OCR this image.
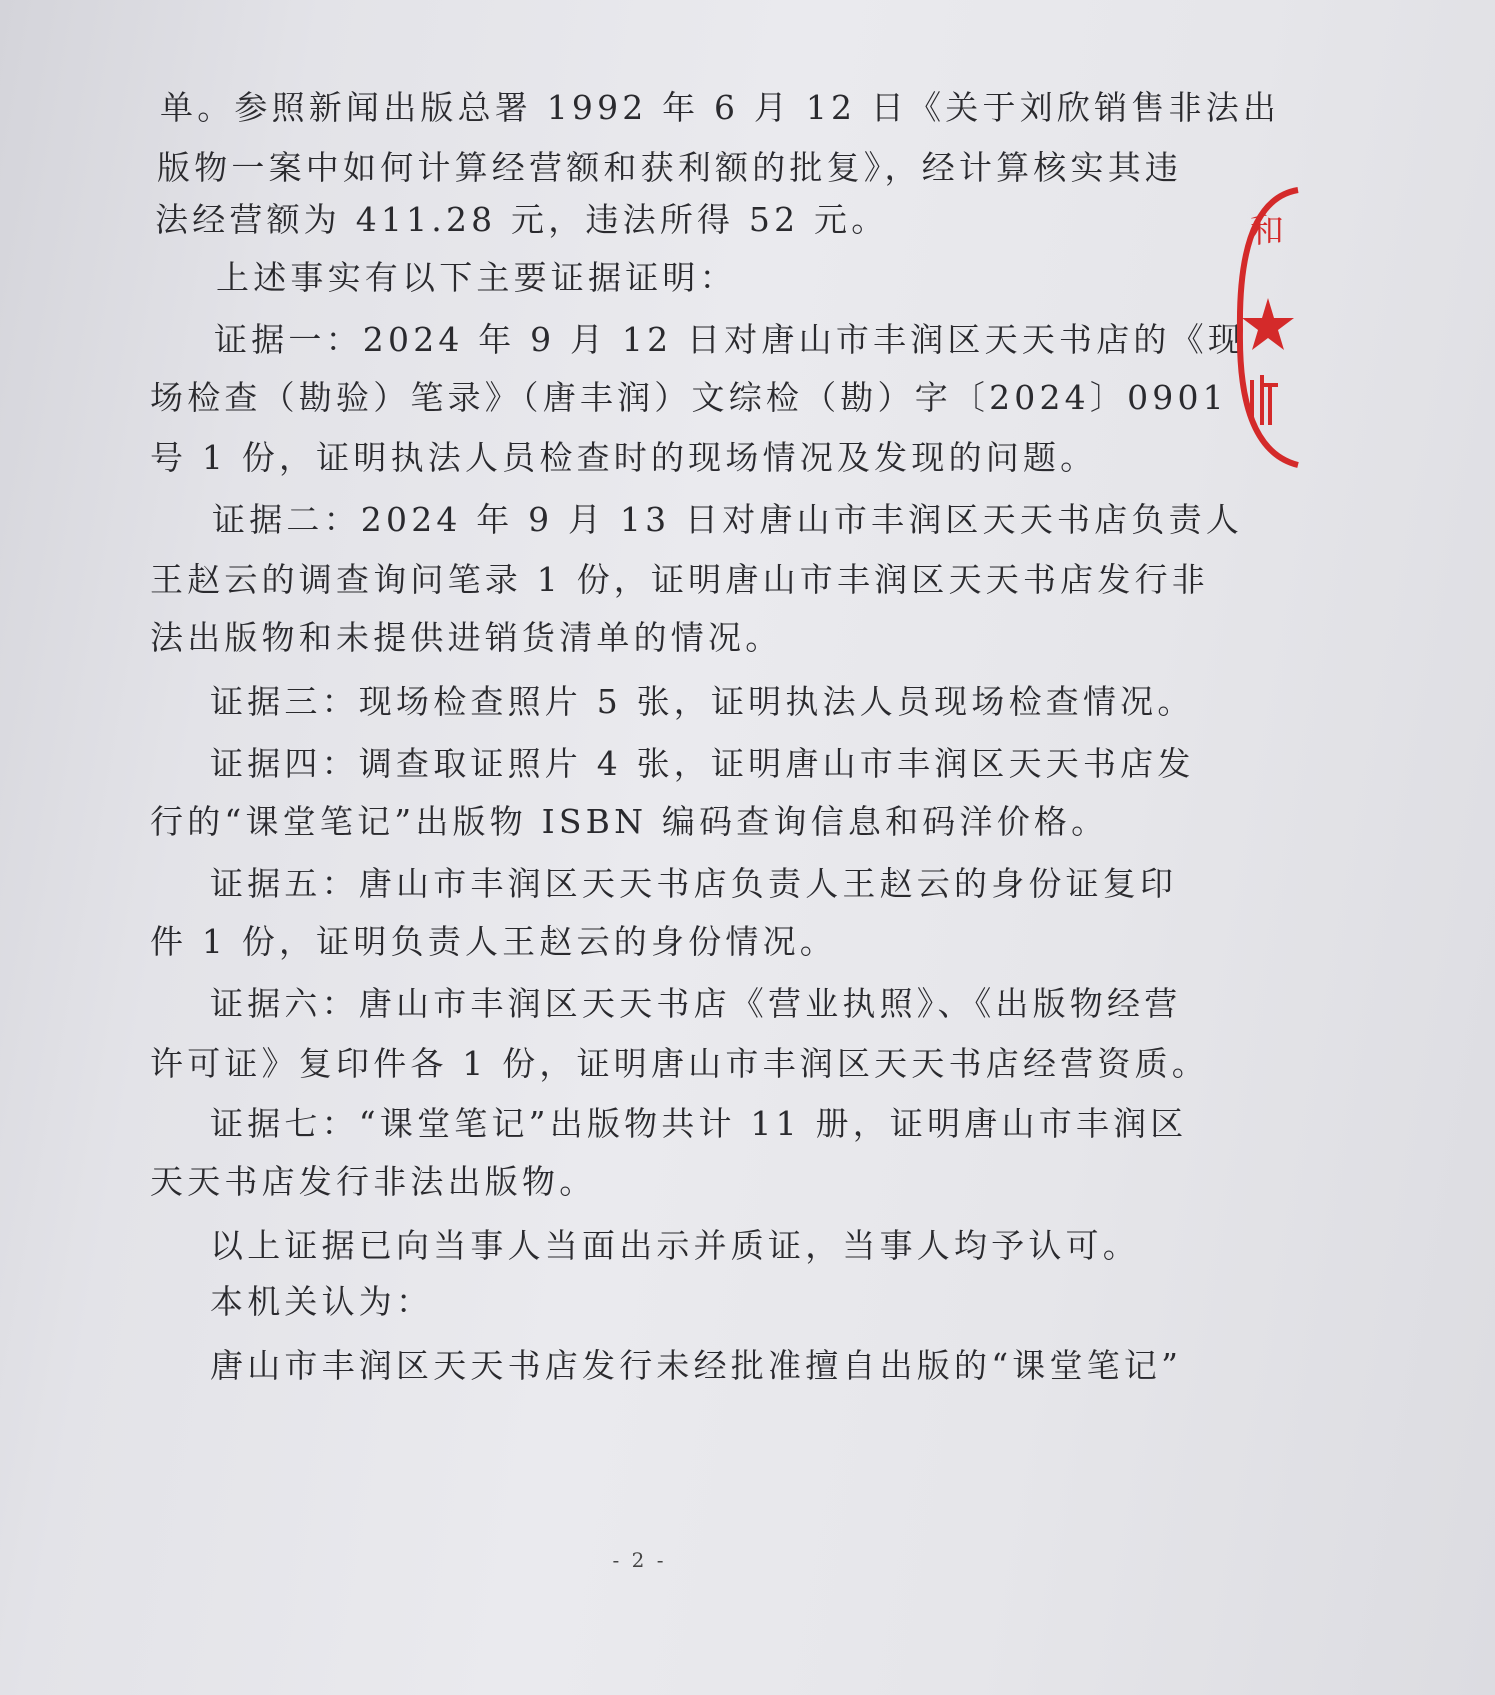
单。参照新闻出版总署 1992 年 6 月 12 日《关于刘欣销售非法出
版物一案中如何计算经营额和获利额的批复》，经计算核实其违
法经营额为 411.28 元，违法所得 52 元。
上述事实有以下主要证据证明：
证据一：2024 年 9 月 12 日对唐山市丰润区天天书店的《现
场检查（勘验）笔录》（唐丰润）文综检（勘）字〔2024〕0901
号 1 份，证明执法人员检查时的现场情况及发现的问题。
证据二：2024 年 9 月 13 日对唐山市丰润区天天书店负责人
王赵云的调查询问笔录 1 份，证明唐山市丰润区天天书店发行非
法出版物和未提供进销货清单的情况。
证据三：现场检查照片 5 张，证明执法人员现场检查情况。
证据四：调查取证照片 4 张，证明唐山市丰润区天天书店发
行的“课堂笔记”出版物 ISBN 编码查询信息和码洋价格。
证据五：唐山市丰润区天天书店负责人王赵云的身份证复印
件 1 份，证明负责人王赵云的身份情况。
证据六：唐山市丰润区天天书店《营业执照》、《出版物经营
许可证》复印件各 1 份，证明唐山市丰润区天天书店经营资质。
证据七：“课堂笔记”出版物共计 11 册，证明唐山市丰润区
天天书店发行非法出版物。
以上证据已向当事人当面出示并质证，当事人均予认可。
本机关认为：
唐山市丰润区天天书店发行未经批准擅自出版的“课堂笔记”
- 2 -
和
